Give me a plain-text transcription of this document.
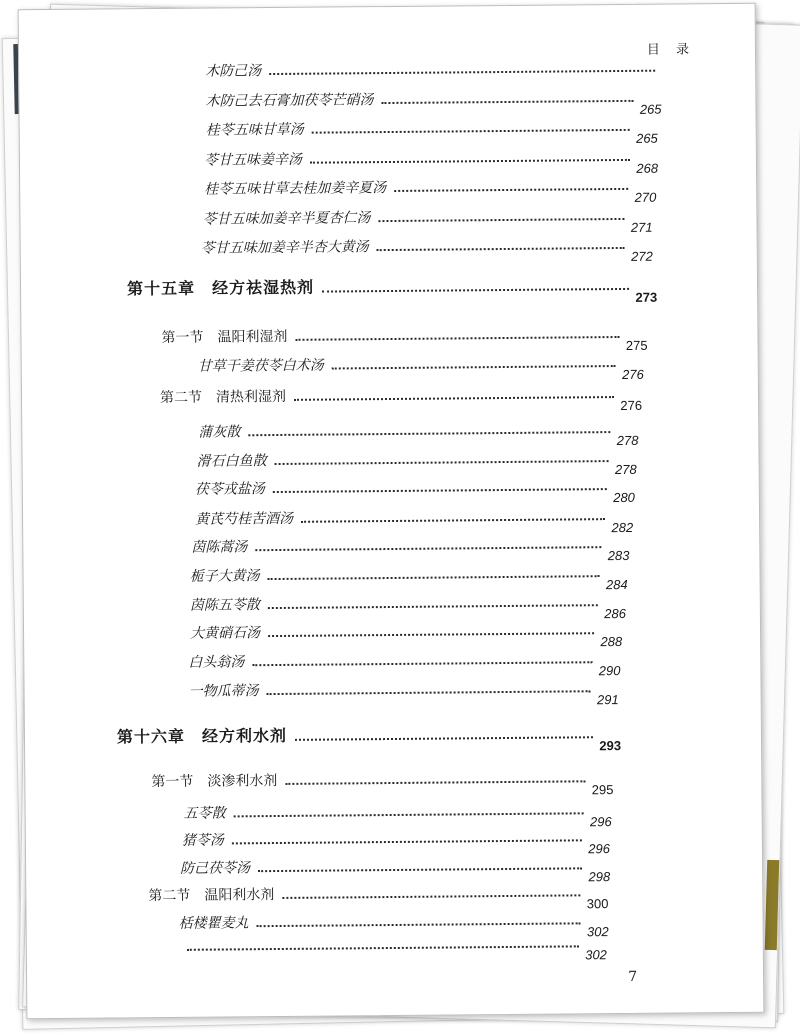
目 录
木防己汤
木防己去石膏加茯苓芒硝汤	265
桂苓五味甘草汤	265
苓甘五味姜辛汤	268
桂苓五味甘草去桂加姜辛夏汤	270
苓甘五味加姜辛半夏杏仁汤	271
苓甘五味加姜辛半杏大黄汤	272
第十五章　经方祛湿热剂	273
第一节　温阳利湿剂	275
甘草干姜茯苓白术汤	276
第二节　清热利湿剂	276
蒲灰散	278
滑石白鱼散	278
茯苓戎盐汤	280
黄芪芍桂苦酒汤	282
茵陈蒿汤	283
栀子大黄汤	284
茵陈五苓散	286
大黄硝石汤	288
白头翁汤	290
一物瓜蒂汤	291
第十六章　经方利水剂	293
第一节　淡渗利水剂	295
五苓散	296
猪苓汤	296
防己茯苓汤	298
第二节　温阳利水剂	300
栝楼瞿麦丸	302
302
7
